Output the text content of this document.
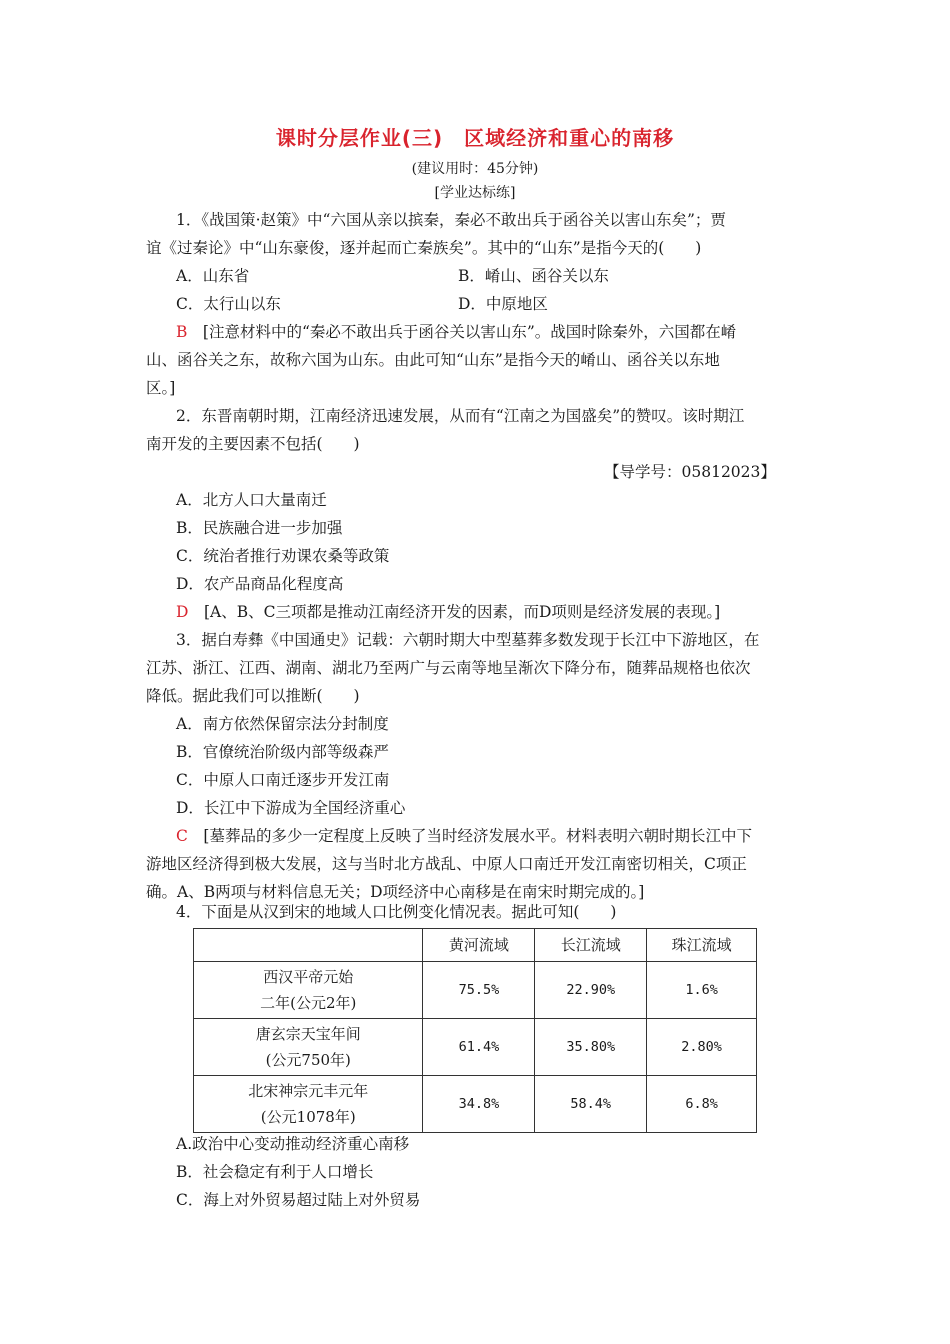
课时分层作业(三)　区域经济和重心的南移
(建议用时：45分钟)
[学业达标练]
1．《战国策·赵策》中“六国从亲以摈秦，秦必不敢出兵于函谷关以害山东矣”；贾
谊《过秦论》中“山东豪俊，逐并起而亡秦族矣”。其中的“山东”是指今天的(　　)
A．山东省	B．崤山、函谷关以东
C．太行山以东	D．中原地区
B　 [注意材料中的“秦必不敢出兵于函谷关以害山东”。战国时除秦外，六国都在崤
山、函谷关之东，故称六国为山东。由此可知“山东”是指今天的崤山、函谷关以东地
区。]
2．东晋南朝时期，江南经济迅速发展，从而有“江南之为国盛矣”的赞叹。该时期江
南开发的主要因素不包括(　　)
【导学号：05812023】
A．北方人口大量南迁
B．民族融合进一步加强
C．统治者推行劝课农桑等政策
D．农产品商品化程度高
D　 [A、B、C三项都是推动江南经济开发的因素，而D项则是经济发展的表现。]
3．据白寿彝《中国通史》记载：六朝时期大中型墓葬多数发现于长江中下游地区，在
江苏、浙江、江西、湖南、湖北乃至两广与云南等地呈渐次下降分布，随葬品规格也依次
降低。据此我们可以推断(　　)
A．南方依然保留宗法分封制度
B．官僚统治阶级内部等级森严
C．中原人口南迁逐步开发江南
D．长江中下游成为全国经济重心
C　 [墓葬品的多少一定程度上反映了当时经济发展水平。材料表明六朝时期长江中下
游地区经济得到极大发展，这与当时北方战乱、中原人口南迁开发江南密切相关，C项正
确。A、B两项与材料信息无关；D项经济中心南移是在南宋时期完成的。]
4．下面是从汉到宋的地域人口比例变化情况表。据此可知(　　)
	黄河流域	长江流域	珠江流域

西汉平帝元始
二年(公元2年)	75.5%	22.90%	1.6%

唐玄宗天宝年间
(公元750年)	61.4%	35.80%	2.80%

北宋神宗元丰元年
(公元1078年)	34.8%	58.4%	6.8%
A.政治中心变动推动经济重心南移
B．社会稳定有利于人口增长
C．海上对外贸易超过陆上对外贸易
